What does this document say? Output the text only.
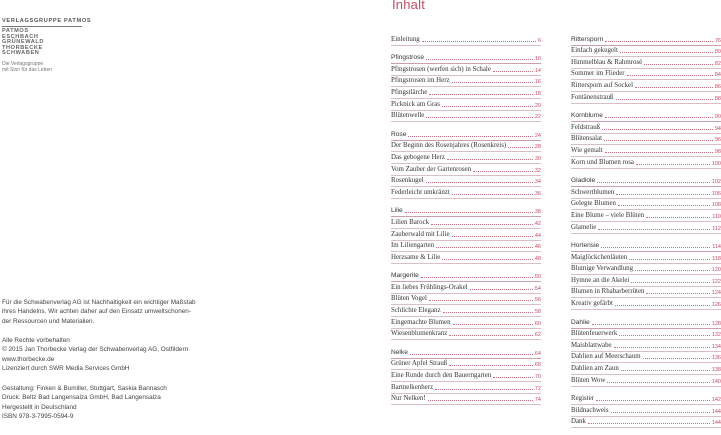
VERLAGSGRUPPE PATMOS
PATMOS
ESCHBACH
GRÜNEWALD
THORBECKE
SCHWABEN
Die Verlagsgruppe
mit Sinn für das Leben
Für die Schwabenverlag AG ist Nachhaltigkeit ein wichtiger Maßstab
ihres Handelns. Wir achten daher auf den Einsatz umweltschonen-
der Ressourcen und Materialien.
Alle Rechte vorbehalten
© 2015 Jan Thorbecke Verlag der Schwabenverlag AG, Ostfildern
www.thorbecke.de
Lizenziert durch SWR Media Services GmbH
Gestaltung: Finken & Bumiller, Stuttgart, Saskia Bannasch
Druck: Beltz Bad Langensalza GmbH, Bad Langensalza
Hergestellt in Deutschland
ISBN 978-3-7995-0594-9
Inhalt
Einleitung	6
Pfingstrose	10
Pfingstrosen (werfen sich) in Schale	14
Pfingstrosen im Herz	16
Pfingstlärche	18
Picknick am Gras	20
Blütenwelle	22
Rose	24
Der Beginn des Rosenjahres (Rosenkreis)	28
Das gebogene Herz	30
Vom Zauber der Gartenrosen	32
Rosenkugel	34
Federleicht umkränzt	36
Lilie	38
Lilien Barock	42
Zauberwald mit Lilie	44
Im Liliengarten	46
Herzsame & Lilie	48
Margerite	50
Ein liebes Frühlings-Orakel	54
Blüten Vogel	56
Schlichte Eleganz	58
Eingemachte Blumen	60
Wiesenblumenkranz	62
Nelke	64
Grüner Apfel Strauß	68
Eine Runde durch den Bauerngarten	70
Bartnelkenherz	72
Nur Nelken!	74
Rittersporn	76
Einfach gekugelt	80
Himmelblau & Rahmrosé	82
Sommer im Flieder	84
Rittersporn auf Sockel	86
Fontänenstrauß	88
Kornblume	90
Feldstrauß	94
Blütensalat	96
Wie gemalt	98
Korn und Blumen rosa	100
Gladiole	102
Schwertblumen	106
Gelegte Blumen	108
Eine Blume – viele Blüten	110
Glamelie	112
Hortensie	114
Maiglöckchenläuten	118
Blumige Verwandlung	120
Hymne an die Akelei	122
Blumen in Rhabarberrüten	124
Kreativ gefärbt	126
Dahlie	128
Blütenfeuerwerk	132
Maisblattwabe	134
Dahlien auf Meerschaum	136
Dahlien am Zaun	138
Blüten Wow	140
Register	142
Bildnachweis	144
Dank	144
